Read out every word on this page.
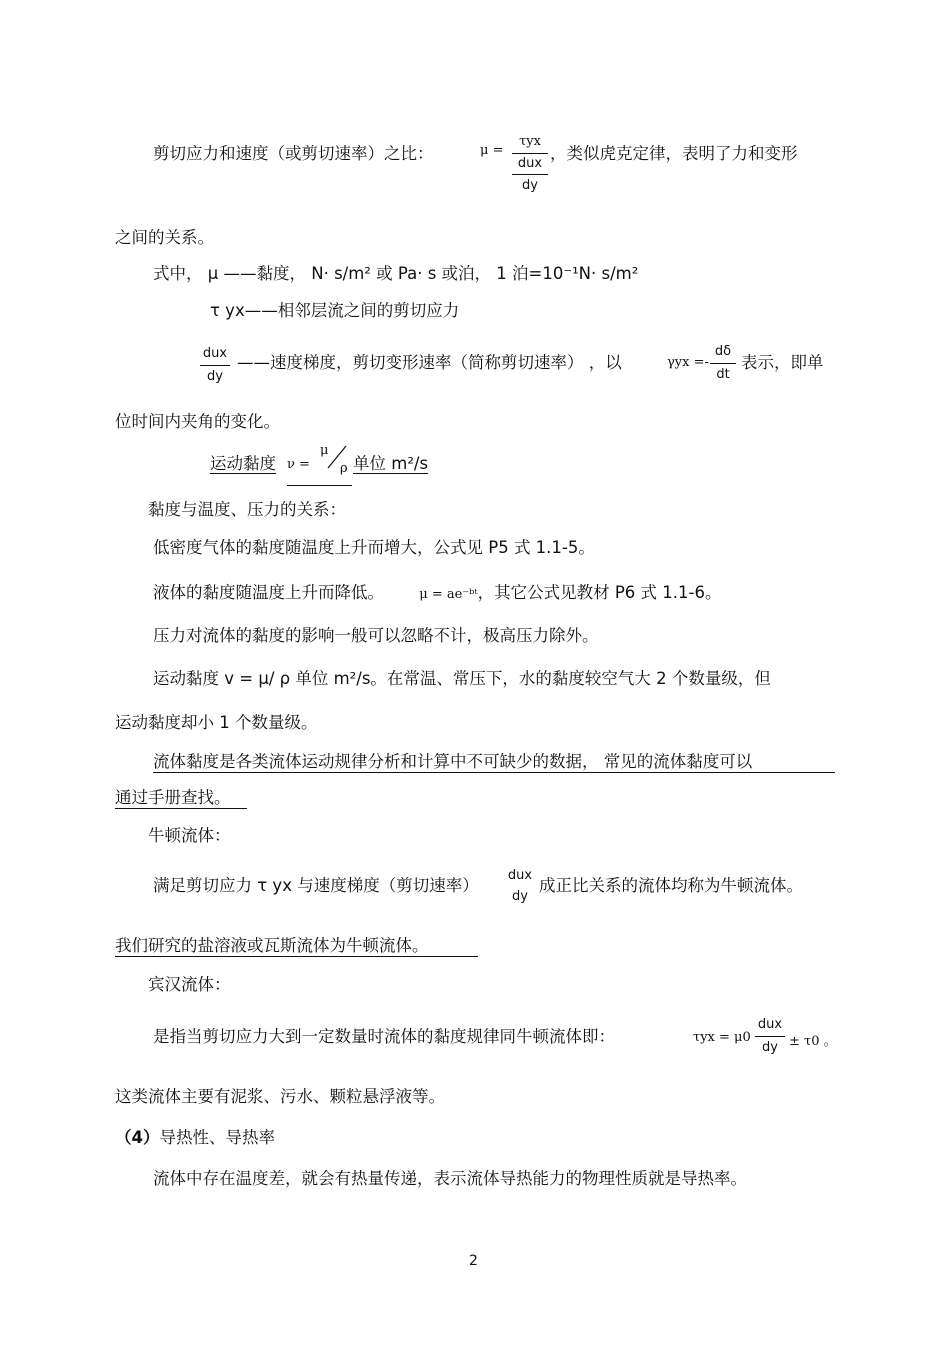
剪切应力和速度（或剪切速率）之比：	μ =
τyx
dux
dy
，类似虎克定律，表明了力和变形
之间的关系。
式中， μ ——黏度， N· s/m² 或 Pa· s 或泊， 1 泊=10⁻¹N· s/m²
τ yx——相邻层流之间的剪切应力
dux
dy
——速度梯度，剪切变形速率（简称剪切速率） ，以	γyx =-
dδ
dt
表示，即单
位时间内夹角的变化。
运动黏度 ν =
μ
ρ 单位 m²/s
黏度与温度、压力的关系：
低密度气体的黏度随温度上升而增大，公式见 P5 式 1.1-5。
液体的黏度随温度上升而降低。	μ = ae⁻ᵇᵗ，其它公式见教材 P6 式 1.1-6。
压力对流体的黏度的影响一般可以忽略不计，极高压力除外。
运动黏度 v = μ/ ρ 单位 m²/s。在常温、常压下，水的黏度较空气大 2 个数量级，但
运动黏度却小 1 个数量级。
流体黏度是各类流体运动规律分析和计算中不可缺少的数据， 常见的流体黏度可以
通过手册查找。
牛顿流体：
满足剪切应力 τ yx 与速度梯度（剪切速率）
dux
dy
成正比关系的流体均称为牛顿流体。
我们研究的盐溶液或瓦斯流体为牛顿流体。
宾汉流体：
是指当剪切应力大到一定数量时流体的黏度规律同牛顿流体即：	τyx = μ0
dux
dy ± τ0 。
这类流体主要有泥浆、污水、颗粒悬浮液等。
（4）导热性、导热率
流体中存在温度差，就会有热量传递，表示流体导热能力的物理性质就是导热率。
2
